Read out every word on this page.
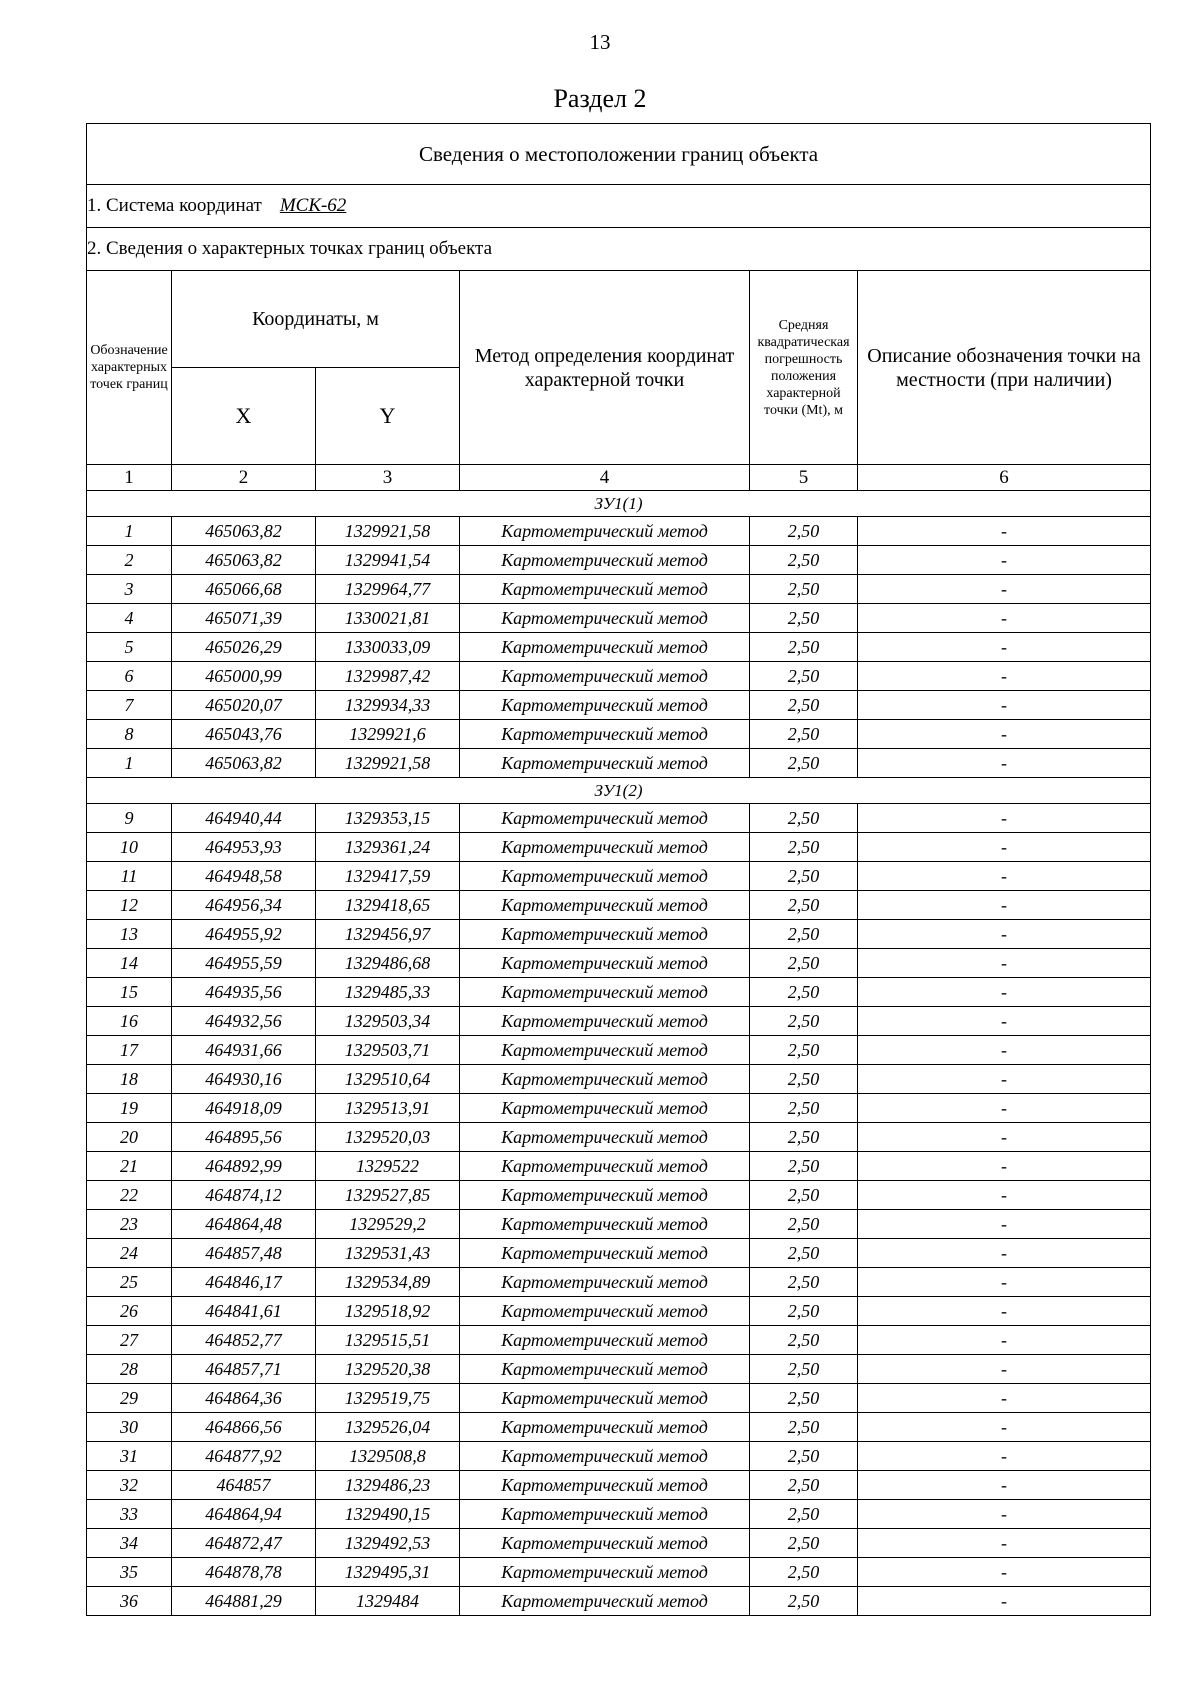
13
Раздел 2
Сведения о местоположении границ объекта					
1. Система координат МСК-62					
2. Сведения о характерных точках границ объекта					
Обозначение характерных точек границ	Координаты, м		Метод определения координат характерной точки	Средняя квадратическая погрешность положения характерной точки (Mt), м	Описание обозначения точки на местности (при наличии)
	X	Y			
1	2	3	4	5	6
ЗУ1(1)					
1	465063,82	1329921,58	Картометрический метод	2,50	-
2	465063,82	1329941,54	Картометрический метод	2,50	-
3	465066,68	1329964,77	Картометрический метод	2,50	-
4	465071,39	1330021,81	Картометрический метод	2,50	-
5	465026,29	1330033,09	Картометрический метод	2,50	-
6	465000,99	1329987,42	Картометрический метод	2,50	-
7	465020,07	1329934,33	Картометрический метод	2,50	-
8	465043,76	1329921,6	Картометрический метод	2,50	-
1	465063,82	1329921,58	Картометрический метод	2,50	-
ЗУ1(2)					
9	464940,44	1329353,15	Картометрический метод	2,50	-
10	464953,93	1329361,24	Картометрический метод	2,50	-
11	464948,58	1329417,59	Картометрический метод	2,50	-
12	464956,34	1329418,65	Картометрический метод	2,50	-
13	464955,92	1329456,97	Картометрический метод	2,50	-
14	464955,59	1329486,68	Картометрический метод	2,50	-
15	464935,56	1329485,33	Картометрический метод	2,50	-
16	464932,56	1329503,34	Картометрический метод	2,50	-
17	464931,66	1329503,71	Картометрический метод	2,50	-
18	464930,16	1329510,64	Картометрический метод	2,50	-
19	464918,09	1329513,91	Картометрический метод	2,50	-
20	464895,56	1329520,03	Картометрический метод	2,50	-
21	464892,99	1329522	Картометрический метод	2,50	-
22	464874,12	1329527,85	Картометрический метод	2,50	-
23	464864,48	1329529,2	Картометрический метод	2,50	-
24	464857,48	1329531,43	Картометрический метод	2,50	-
25	464846,17	1329534,89	Картометрический метод	2,50	-
26	464841,61	1329518,92	Картометрический метод	2,50	-
27	464852,77	1329515,51	Картометрический метод	2,50	-
28	464857,71	1329520,38	Картометрический метод	2,50	-
29	464864,36	1329519,75	Картометрический метод	2,50	-
30	464866,56	1329526,04	Картометрический метод	2,50	-
31	464877,92	1329508,8	Картометрический метод	2,50	-
32	464857	1329486,23	Картометрический метод	2,50	-
33	464864,94	1329490,15	Картометрический метод	2,50	-
34	464872,47	1329492,53	Картометрический метод	2,50	-
35	464878,78	1329495,31	Картометрический метод	2,50	-
36	464881,29	1329484	Картометрический метод	2,50	-
